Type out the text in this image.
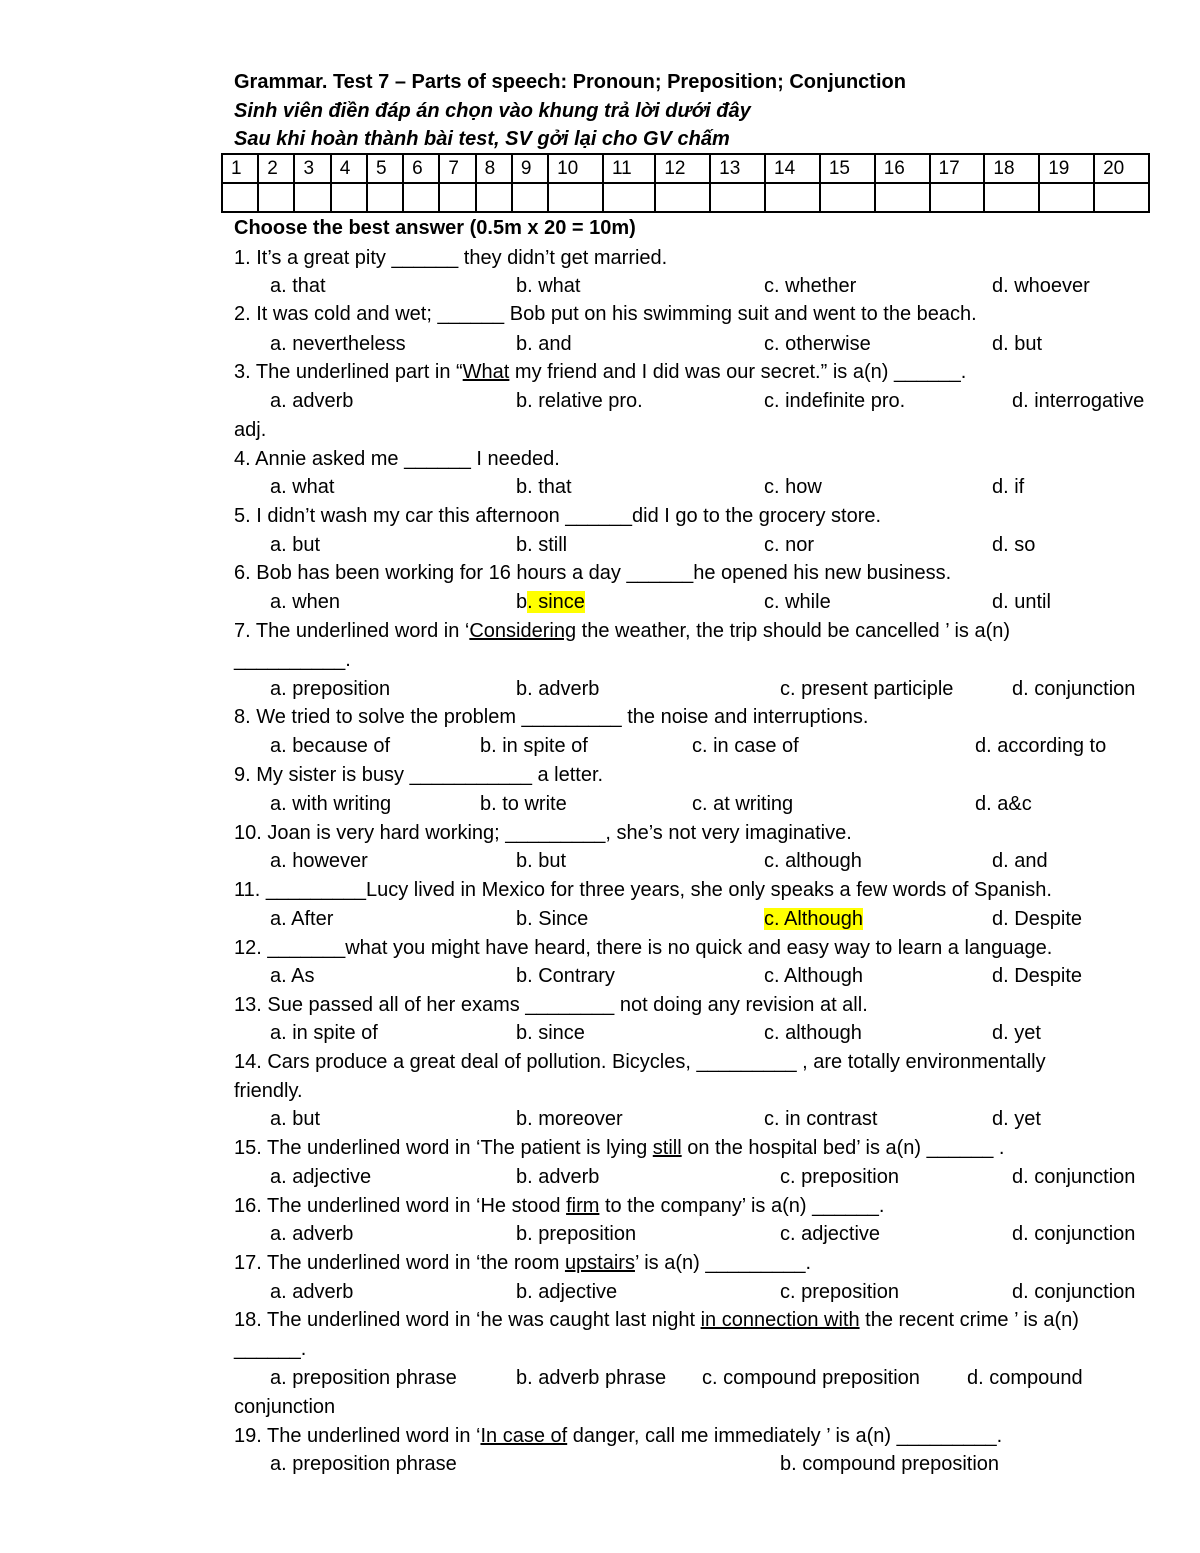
Grammar. Test 7 – Parts of speech: Pronoun; Preposition; Conjunction
Sinh viên điền đáp án chọn vào khung trả lời dưới đây
Sau khi hoàn thành bài test, SV gởi lại cho GV chấm
1	2	3	4	5	6	7	8	9	10	11	12	13	14	15	16	17	18	19	20

Choose the best answer (0.5m x 20 = 10m)
1. It’s a great pity ______ they didn’t get married.
a. that	b. what	c. whether	d. whoever
2. It was cold and wet; ______ Bob put on his swimming suit and went to the beach.
a. nevertheless	b. and	c. otherwise	d. but
3. The underlined part in “What my friend and I did was our secret.” is a(n) ______.
a. adverb	b. relative pro.	c. indefinite pro.	d. interrogative
adj.
4. Annie asked me ______ I needed.
a. what	b. that	c. how	d. if
5. I didn’t wash my car this afternoon ______did I go to the grocery store.
a. but	b. still	c. nor	d. so
6. Bob has been working for 16 hours a day ______he opened his new business.
a. when	b. since	c. while	d. until
7. The underlined word in ‘Considering the weather, the trip should be cancelled ’ is a(n)
__________.
a. preposition	b. adverb	c. present participle	d. conjunction
8. We tried to solve the problem _________ the noise and interruptions.
a. because of	b. in spite of	c. in case of	d. according to
9. My sister is busy ___________ a letter.
a. with writing	b. to write	c. at writing	d. a&c
10. Joan is very hard working; _________, she’s not very imaginative.
a. however	b. but	c. although	d. and
11. _________Lucy lived in Mexico for three years, she only speaks a few words of Spanish.
a. After	b. Since	c. Although	d. Despite
12. _______what you might have heard, there is no quick and easy way to learn a language.
a. As	b. Contrary	c. Although	d. Despite
13. Sue passed all of her exams ________ not doing any revision at all.
a. in spite of	b. since	c. although	d. yet
14. Cars produce a great deal of pollution. Bicycles, _________ , are totally environmentally
friendly.
a. but	b. moreover	c. in contrast	d. yet
15. The underlined word in ‘The patient is lying still on the hospital bed’ is a(n) ______ .
a. adjective	b. adverb	c. preposition	d. conjunction
16. The underlined word in ‘He stood firm to the company’ is a(n) ______.
a. adverb	b. preposition	c. adjective	d. conjunction
17. The underlined word in ‘the room upstairs’ is a(n) _________.
a. adverb	b. adjective	c. preposition	d. conjunction
18. The underlined word in ‘he was caught last night in connection with the recent crime ’ is a(n)
______.
a. preposition phrase	b. adverb phrase c. compound preposition d. compound
conjunction
19. The underlined word in ‘In case of danger, call me immediately ’ is a(n) _________.
a. preposition phrase	b. compound preposition
